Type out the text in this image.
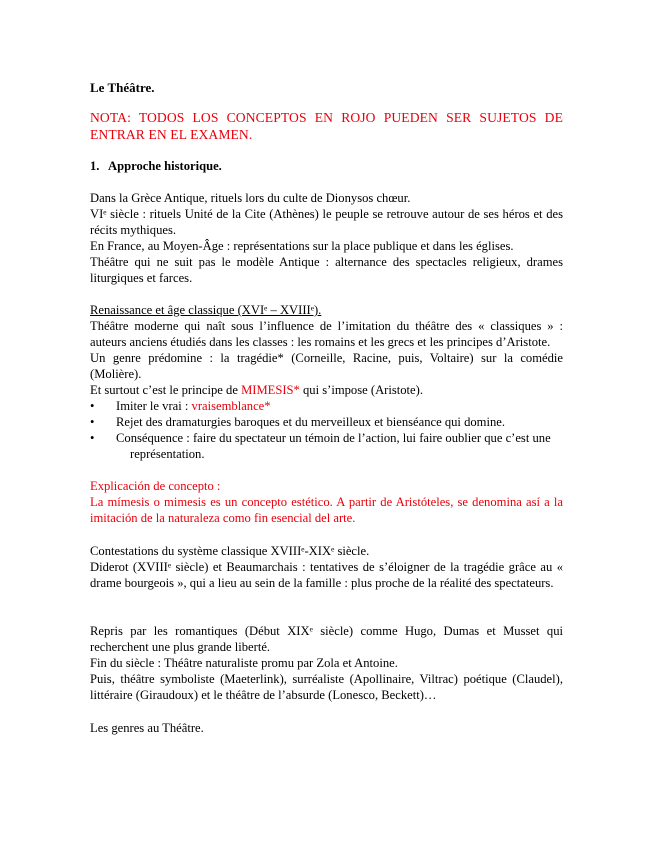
Le Théâtre.

NOTA: TODOS LOS CONCEPTOS EN ROJO PUEDEN SER SUJETOS DE ENTRAR EN EL EXAMEN.

1. Approche historique.

Dans la Grèce Antique, rituels lors du culte de Dionysos chœur.

VIᵉ siècle : rituels Unité de la Cite (Athènes) le peuple se retrouve autour de ses héros et des récits mythiques.

En France, au Moyen-Âge : représentations sur la place publique et dans les églises.

Théâtre qui ne suit pas le modèle Antique : alternance des spectacles religieux, drames liturgiques et farces.

Renaissance et âge classique (XVIᵉ – XVIIIᵉ).

Théâtre moderne qui naît sous l’influence de l’imitation du théâtre des « classiques » : auteurs anciens étudiés dans les classes : les romains et les grecs et les principes d’Aristote.

Un genre prédomine : la tragédie* (Corneille, Racine, puis, Voltaire) sur la comédie (Molière).

Et surtout c’est le principe de MIMESIS* qui s’impose (Aristote).

•	Imiter le vrai : vraisemblance*
•	Rejet des dramaturgies baroques et du merveilleux et bienséance qui domine.
•	Conséquence : faire du spectateur un témoin de l’action, lui faire oublier que c’est une
représentation.

Explicación de concepto :

La mímesis o mimesis es un concepto estético. A partir de Aristóteles, se denomina así a la imitación de la naturaleza como fin esencial del arte.

Contestations du système classique XVIIIᵉ-XIXᵉ siècle.

Diderot (XVIIIᵉ siècle) et Beaumarchais : tentatives de s’éloigner de la tragédie grâce au « drame bourgeois », qui a lieu au sein de la famille : plus proche de la réalité des spectateurs.

Repris par les romantiques (Début XIXᵉ siècle) comme Hugo, Dumas et Musset qui recherchent une plus grande liberté.

Fin du siècle : Théâtre naturaliste promu par Zola et Antoine.

Puis, théâtre symboliste (Maeterlink), surréaliste (Apollinaire, Viltrac) poétique (Claudel), littéraire (Giraudoux) et le théâtre de l’absurde (Lonesco, Beckett)…

Les genres au Théâtre.
